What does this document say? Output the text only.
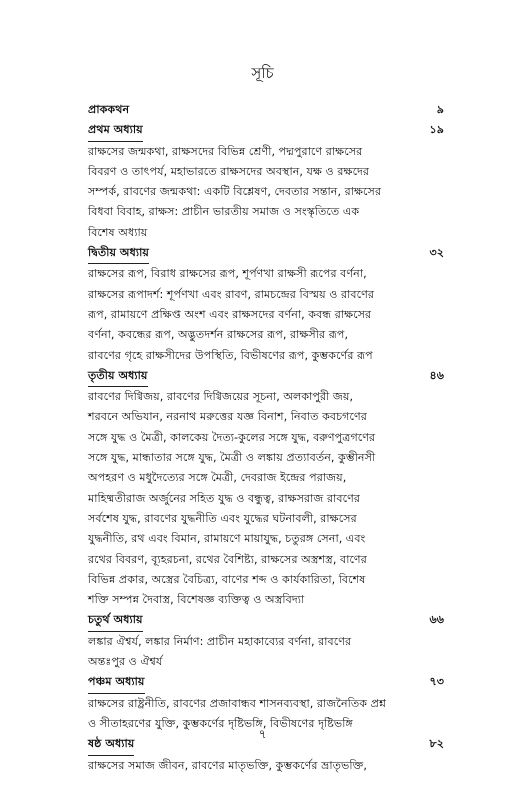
সূচি
প্রাককথন	৯
প্রথম অধ্যায়	১৯
রাক্ষসের জন্মকথা, রাক্ষসদের বিভিন্ন শ্রেণী, পদ্মপুরাণে রাক্ষসের
বিবরণ ও তাৎপর্য, মহাভারতে রাক্ষসদের অবস্থান, যক্ষ ও রক্ষদের
সম্পর্ক, রাবণের জন্মকথা: একটি বিশ্লেষণ, দেবতার সন্তান, রাক্ষসের
বিধবা বিবাহ, রাক্ষস: প্রাচীন ভারতীয় সমাজ ও সংস্কৃতিতে এক
বিশেষ অধ্যায়
দ্বিতীয় অধ্যায়	৩২
রাক্ষসের রূপ, বিরাধ রাক্ষসের রূপ, শূর্পণখা রাক্ষসী রূপের বর্ণনা,
রাক্ষসের রূপাদর্শ: শূর্পণখা এবং রাবণ, রামচন্দ্রের বিস্ময় ও রাবণের
রূপ, রামায়ণে প্রক্ষিপ্ত অংশ এবং রাক্ষসদের বর্ণনা, কবন্ধ রাক্ষসের
বর্ণনা, কবন্ধের রূপ, অদ্ভুতদর্শন রাক্ষসের রূপ, রাক্ষসীর রূপ,
রাবণের গৃহে রাক্ষসীদের উপস্থিতি, বিভীষণের রূপ, কুম্ভকর্ণের রূপ
তৃতীয় অধ্যায়	৪৬
রাবণের দিগ্বিজয়, রাবণের দিগ্বিজয়ের সূচনা, অলকাপুরী জয়,
শরবনে অভিযান, নরনাথ মরুত্তের যজ্ঞ বিনাশ, নিবাত কবচগণের
সঙ্গে যুদ্ধ ও মৈত্রী, কালকেয় দৈত্য-কুলের সঙ্গে যুদ্ধ, বরুণপুত্রগণের
সঙ্গে যুদ্ধ, মান্ধাতার সঙ্গে যুদ্ধ, মৈত্রী ও লঙ্কায় প্রত্যাবর্তন, কুম্ভীনসী
অপহরণ ও মধুদৈত্যের সঙ্গে মৈত্রী, দেবরাজ ইন্দ্রের পরাজয়,
মাহিষ্মতীরাজ অর্জুনের সহিত যুদ্ধ ও বন্ধুত্ব, রাক্ষসরাজ রাবণের
সর্বশেষ যুদ্ধ, রাবণের যুদ্ধনীতি এবং যুদ্ধের ঘটনাবলী, রাক্ষসের
যুদ্ধনীতি, রথ এবং বিমান, রামায়ণে মায়াযুদ্ধ, চতুরঙ্গ সেনা, এবং
রথের বিবরণ, ব্যূহরচনা, রথের বৈশিষ্ট্য, রাক্ষসের অস্ত্রশস্ত্র, বাণের
বিভিন্ন প্রকার, অস্ত্রের বৈচিত্র্য, বাণের শব্দ ও কার্যকারিতা, বিশেষ
শক্তি সম্পন্ন দৈবাস্ত্র, বিশেষজ্ঞ ব্যক্তিত্ব ও অস্ত্রবিদ্যা
চতুর্থ অধ্যায়	৬৬
লঙ্কার ঐশ্বর্য, লঙ্কার নির্মাণ: প্রাচীন মহাকাব্যের বর্ণনা, রাবণের
অন্তঃপুর ও ঐশ্বর্য
পঞ্চম অধ্যায়	৭৩
রাক্ষসের রাষ্ট্রনীতি, রাবণের প্রজাবান্ধব শাসনব্যবস্থা, রাজনৈতিক প্রশ্ন
ও সীতাহরণের যুক্তি, কুম্ভকর্ণের দৃষ্টিভঙ্গি, বিভীষণের দৃষ্টিভঙ্গি
ষষ্ঠ অধ্যায়	৮২
রাক্ষসের সমাজ জীবন, রাবণের মাতৃভক্তি, কুম্ভকর্ণের ভ্রাতৃভক্তি,
৭
